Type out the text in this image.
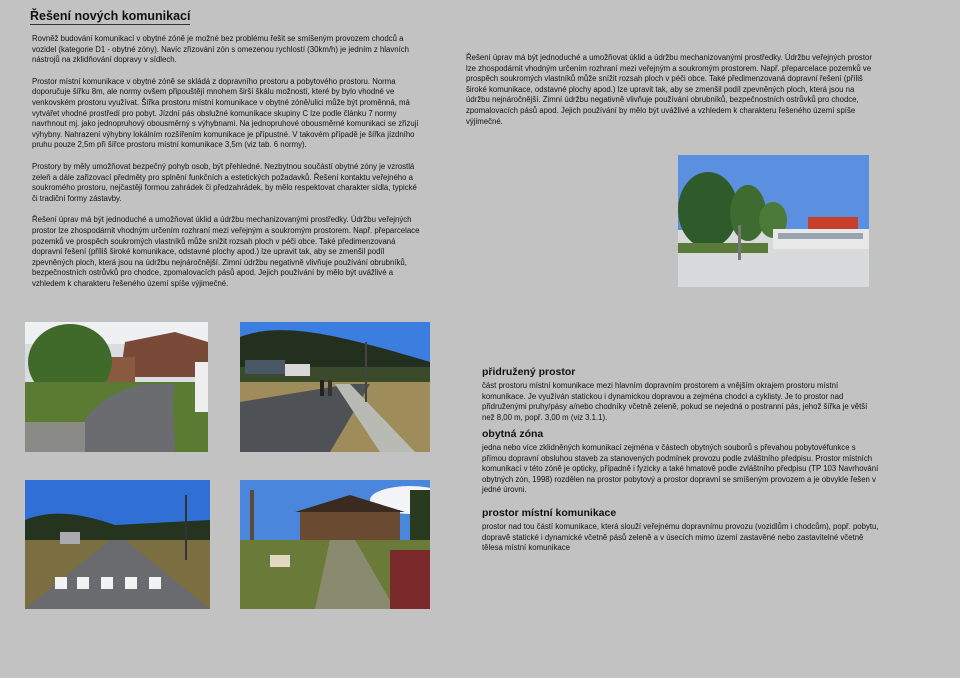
Řešení nových komunikací

Rovněž budování komunikací v obytné zóně je možné bez problému řešit se smíšeným provozem chodců a vozidel (kategorie D1 - obytné zóny). Navíc zřizování zón s omezenou rychlostí (30km/h) je jedním z hlavních nástrojů na zklidňování dopravy v sídlech.

Prostor místní komunikace v obytné zóně se skládá z dopravního prostoru a pobytového prostoru. Norma doporučuje šířku 8m, ale normy ovšem připouštějí mnohem širší škálu možností, které by bylo vhodné ve venkovském prostoru využívat. Šířka prostoru místní komunikace v obytné zóně/ulici může být proměnná, má vytvářet vhodné prostředí pro pobyt. Jízdní pás obslužné komunikace skupiny C lze podle článku 7 normy navrhnout mj. jako jednopruhový obousměrný s výhybnami. Na jednopruhové obousměrné komunikaci se zřizují výhybny. Nahrazení výhybny lokálním rozšířením komunikace je přípustné. V takovém případě je šířka jízdního pruhu pouze 2,5m při šířce prostoru místní komunikace 3,5m (viz tab. 6 normy).

Prostory by měly umožňovat bezpečný pohyb osob, být přehledné. Nezbytnou součástí obytné zóny je vzrostlá zeleň a dále zařizovací předměty pro splnění funkčních a estetických požadavků. Řešení kontaktu veřejného a soukromého prostoru, nejčastěji formou zahrádek či předzahrádek, by mělo respektovat charakter sídla, typické či tradiční formy zástavby.

Řešení úprav má být jednoduché a umožňovat úklid a údržbu mechanizovanými prostředky. Údržbu veřejných prostor lze zhospodárnit vhodným určením rozhraní mezi veřejným a soukromým prostorem. Např. přeparcelace pozemků ve prospěch soukromých vlastníků může snížit rozsah ploch v péči obce. Také předimenzovaná dopravní řešení (příliš široké komunikace, odstavné plochy apod.) lze upravit tak, aby se zmenšil podíl zpevněných ploch, která jsou na údržbu nejnáročnější. Zimní údržbu negativně vlivňuje používání obrubníků, bezpečnostních ostrůvků pro chodce, zpomalovacích pásů apod. Jejich používání by mělo být uvážlivé a vzhledem k charakteru řešeného území spíše výjimečné.

Řešení úprav má být jednoduché a umožňovat úklid a údržbu mechanizovanými prostředky. Údržbu veřejných prostor lze zhospodárnit vhodným určením rozhraní mezi veřejným a soukromým prostorem. Např. přeparcelace pozemků ve prospěch soukromých vlastníků může snížit rozsah ploch v péči obce. Také předimenzovaná dopravní řešení (příliš široké komunikace, odstavné plochy apod.) lze upravit tak, aby se zmenšil podíl zpevněných ploch, která jsou na údržbu nejnáročnější. Zimní údržbu negativně vlivňuje používání obrubníků, bezpečnostních ostrůvků pro chodce, zpomalovacích pásů apod. Jejich používání by mělo být uvážlivé a vzhledem k charakteru řešeného území spíše výjimečné.

přidružený prostor

část prostoru místní komunikace mezi hlavním dopravním prostorem a vnějším okrajem prostoru místní komunikace. Je využíván statickou i dynamickou dopravou a zejména chodci a cyklisty. Je to prostor nad přidruženými pruhy/pásy a/nebo chodníky včetně zeleně, pokud se nejedná o postranní pás, jehož šířka je větší než 8,00 m, popř. 3,00 m (viz 3.1.1).

obytná zóna

jedna nebo více zklidněných komunikací zejména v částech obytných souborů s převahou pobytovéfunkce s přímou dopravní obsluhou staveb za stanovených podmínek provozu podle zvláštního předpisu. Prostor místních komunikací v této zóně je opticky, případně i fyzicky a také hmatově podle zvláštního předpisu (TP 103 Navrhování obytných zón, 1998) rozdělen na prostor pobytový a prostor dopravní se smíšeným provozem a je obvykle řešen v jedné úrovni.

prostor místní komunikace

prostor nad tou částí komunikace, která slouží veřejnému dopravnímu provozu (vozidlům i chodcům), popř. pobytu, dopravě statické i dynamické včetně pásů zeleně a v úsecích mimo území zastavěné nebo zastavitelné včetně tělesa místní komunikace
